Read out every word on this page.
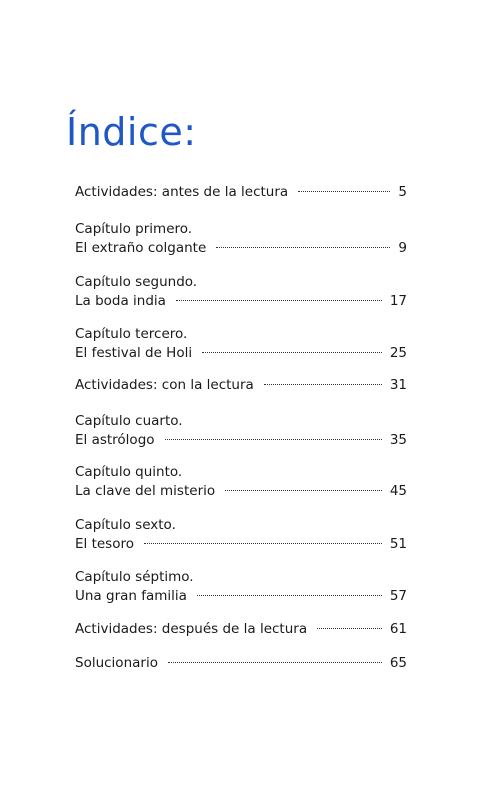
Índice:
Actividades: antes de la lectura	5
Capítulo primero.
El extraño colgante	9
Capítulo segundo.
La boda india	17
Capítulo tercero.
El festival de Holi	25
Actividades: con la lectura	31
Capítulo cuarto.
El astrólogo	35
Capítulo quinto.
La clave del misterio	45
Capítulo sexto.
El tesoro	51
Capítulo séptimo.
Una gran familia	57
Actividades: después de la lectura	61
Solucionario	65
